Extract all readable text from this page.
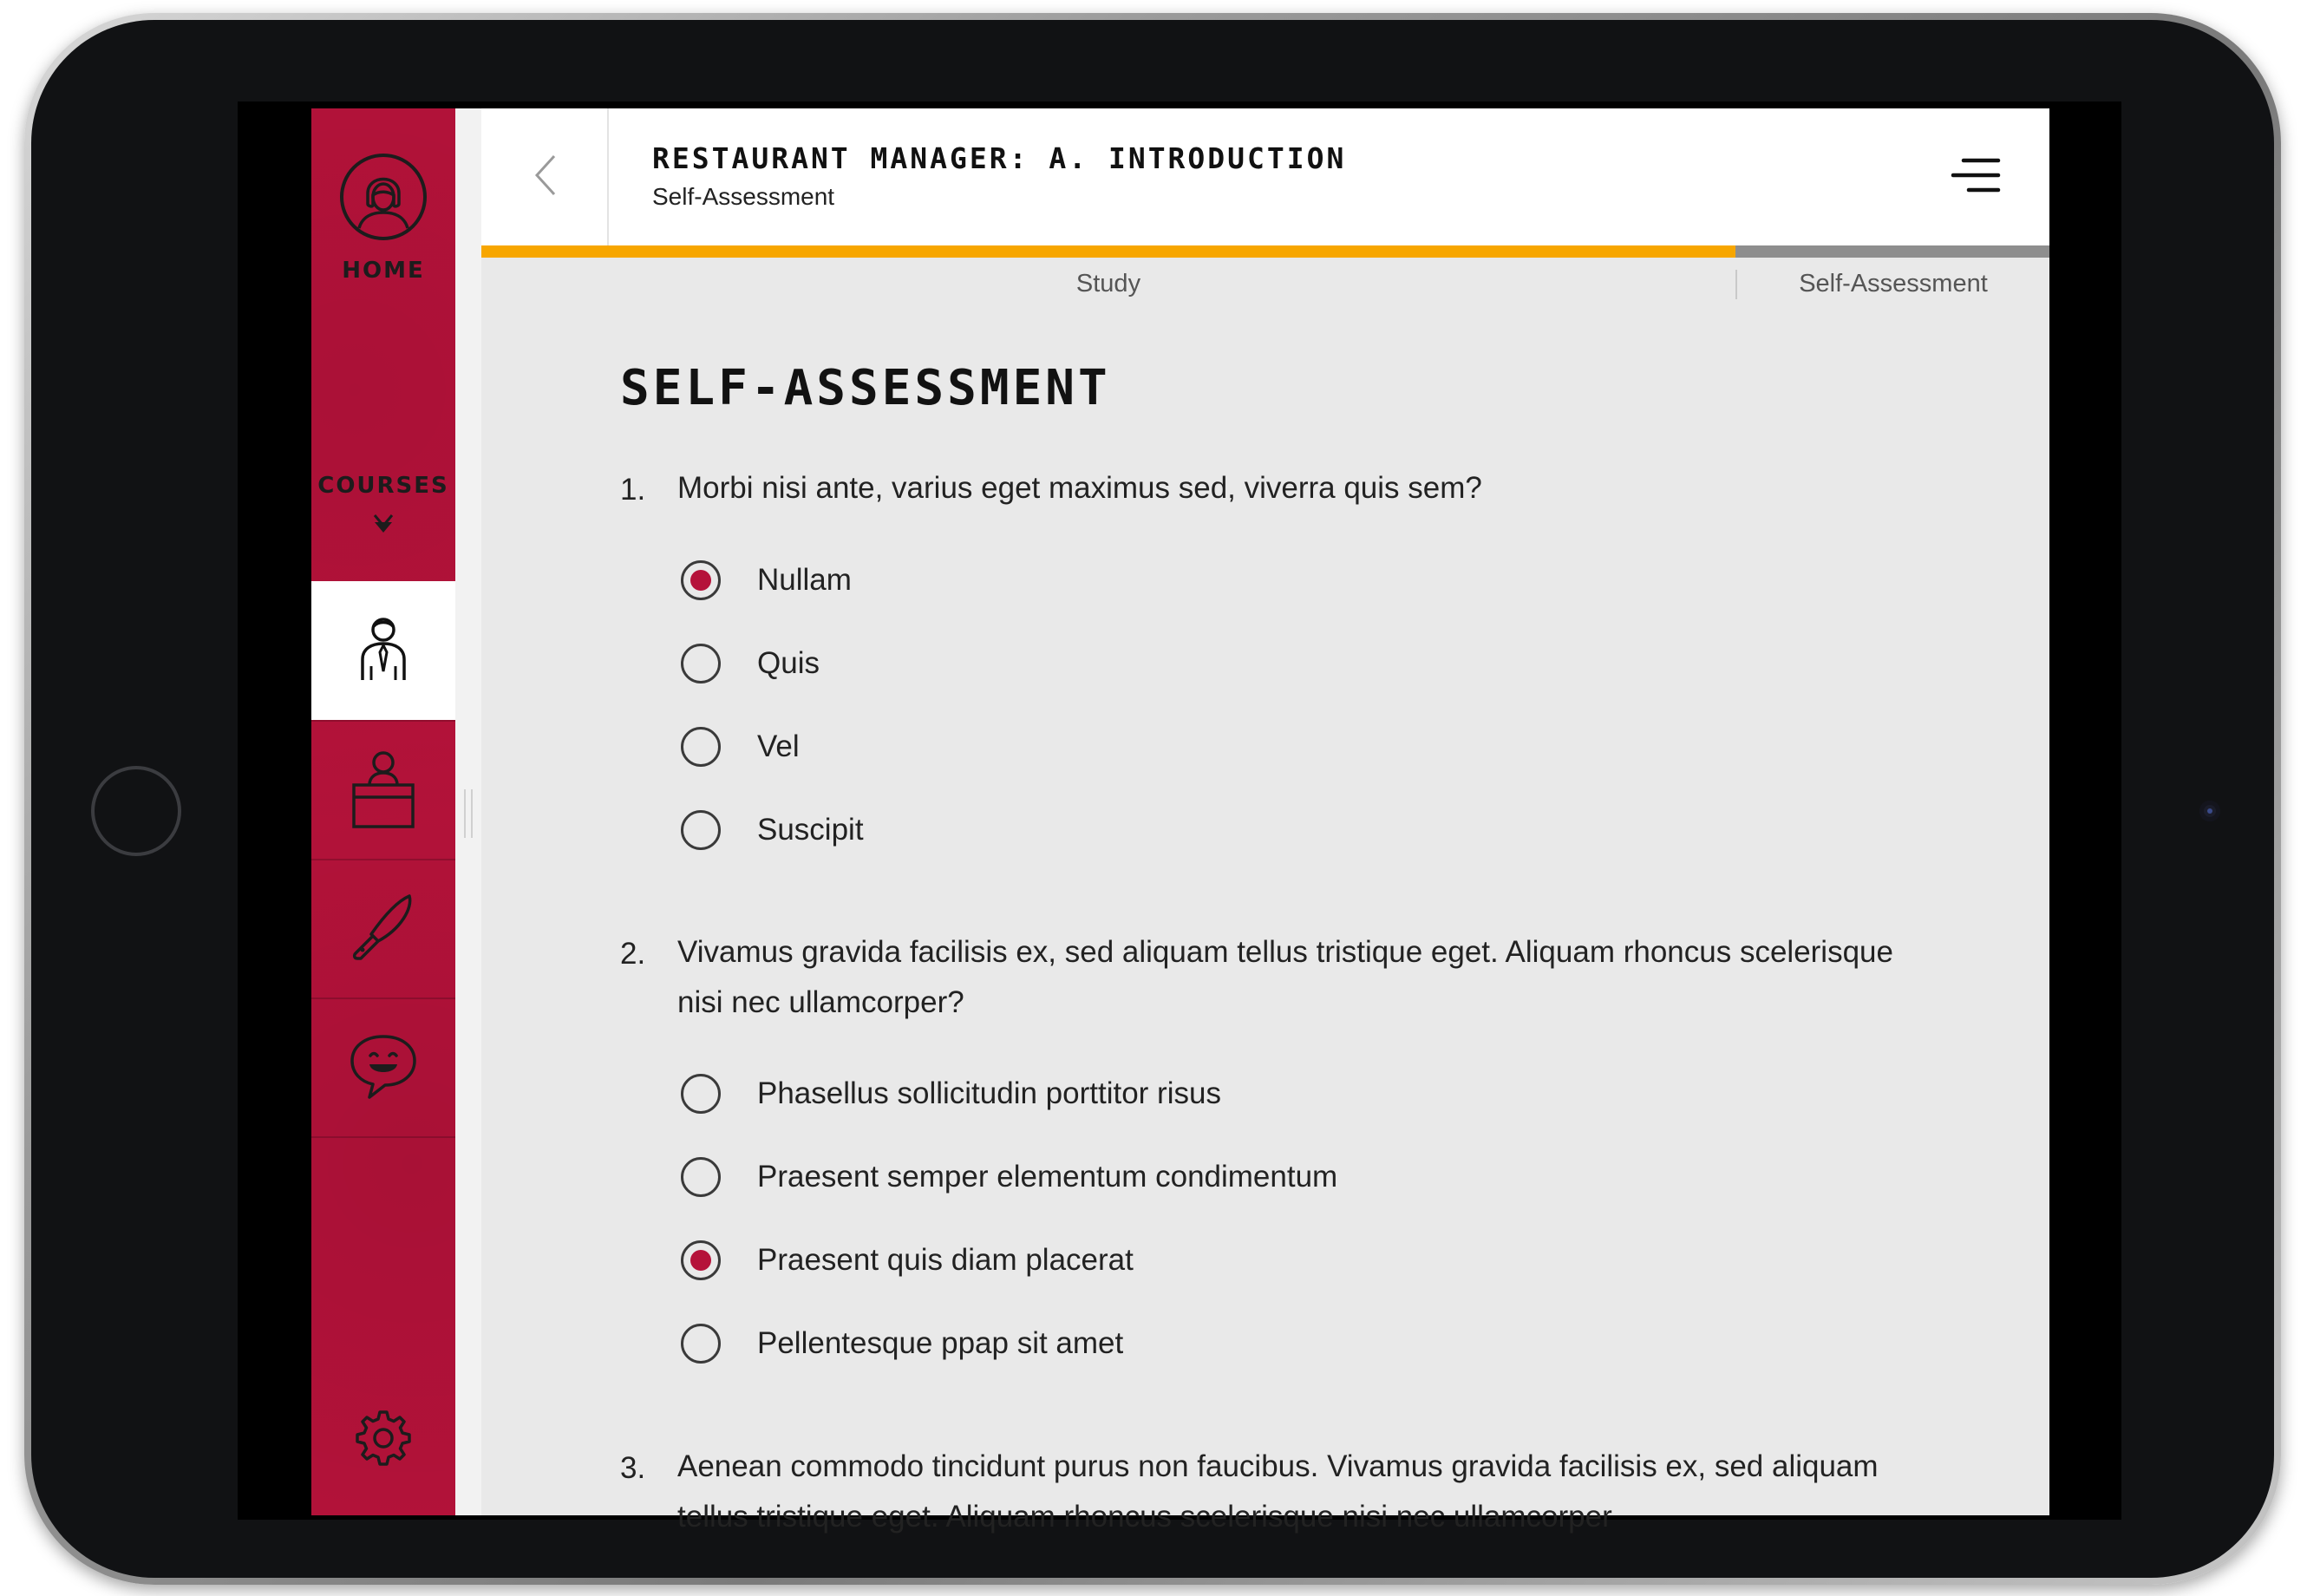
HOME
COURSES
RESTAURANT MANAGER: A. INTRODUCTION
Self-Assessment
Study	Self-Assessment
SELF-ASSESSMENT
1. Morbi nisi ante, varius eget maximus sed, viverra quis sem?
Nullam
Quis
Vel
Suscipit
2. Vivamus gravida facilisis ex, sed aliquam tellus tristique eget. Aliquam rhoncus scelerisque nisi nec ullamcorper?
Phasellus sollicitudin porttitor risus
Praesent semper elementum condimentum
Praesent quis diam placerat
Pellentesque ppap sit amet
3. Aenean commodo tincidunt purus non faucibus. Vivamus gravida facilisis ex, sed aliquam tellus tristique eget. Aliquam rhoncus scelerisque nisi nec ullamcorper
